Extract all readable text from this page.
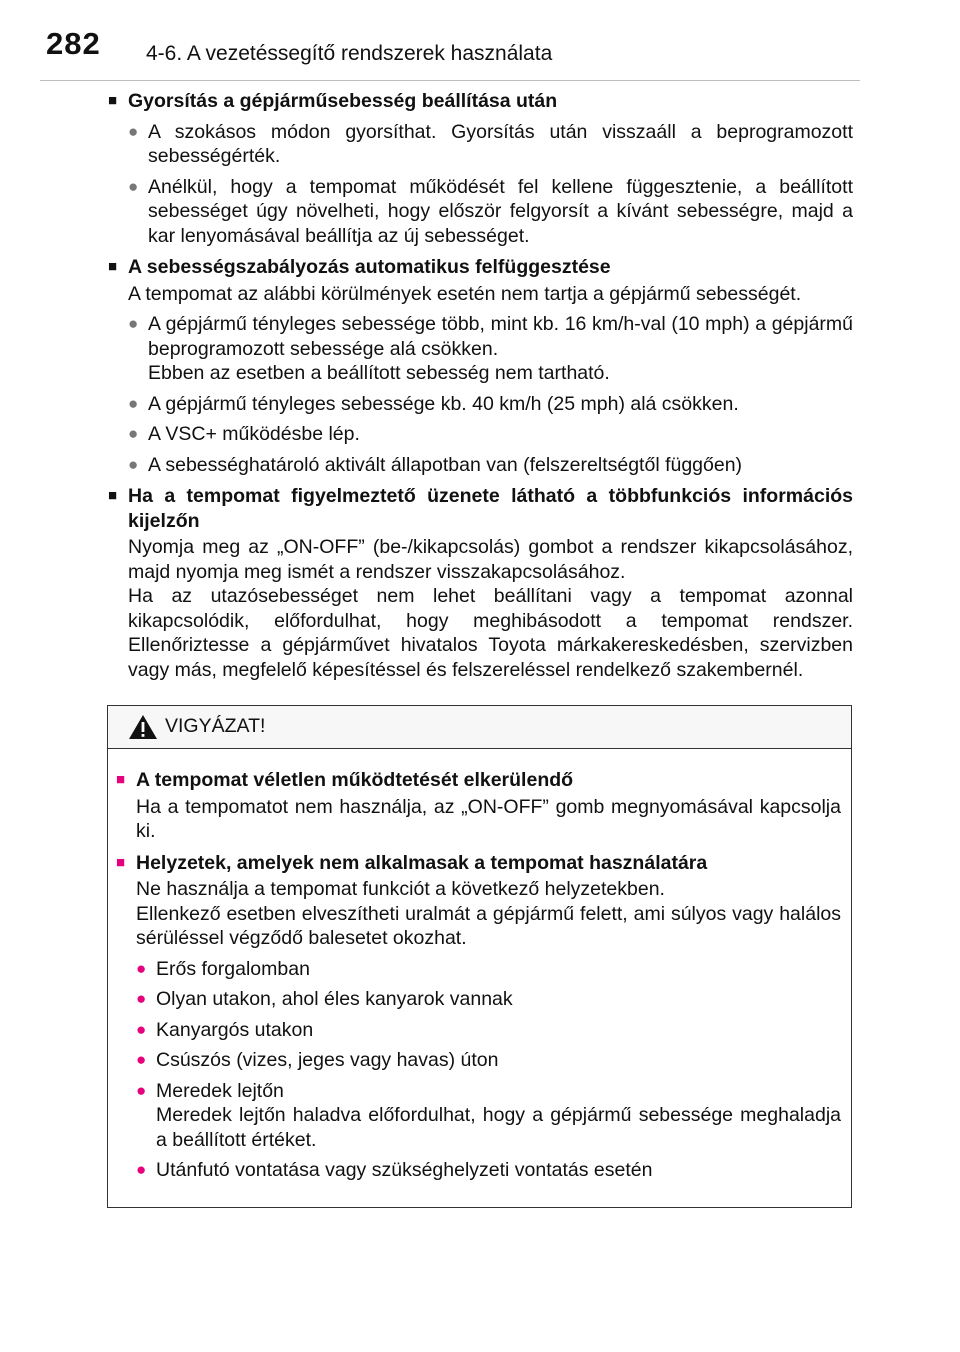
282 4-6. A vezetéssegítő rendszerek használata
■ Gyorsítás a gépjárműsebesség beállítása után
● A szokásos módon gyorsíthat. Gyorsítás után visszaáll a beprogramozott sebességérték.
● Anélkül, hogy a tempomat működését fel kellene függesztenie, a beállított sebességet úgy növelheti, hogy először felgyorsít a kívánt sebességre, majd a kar lenyomásával beállítja az új sebességet.
■ A sebességszabályozás automatikus felfüggesztése
A tempomat az alábbi körülmények esetén nem tartja a gépjármű sebességét.
● A gépjármű tényleges sebessége több, mint kb. 16 km/h-val (10 mph) a gépjármű beprogramozott sebessége alá csökken.
Ebben az esetben a beállított sebesség nem tartható.
● A gépjármű tényleges sebessége kb. 40 km/h (25 mph) alá csökken.
● A VSC+ működésbe lép.
● A sebességhatároló aktivált állapotban van (felszereltségtől függően)
■ Ha a tempomat figyelmeztető üzenete látható a többfunkciós információs kijelzőn
Nyomja meg az „ON-OFF” (be-/kikapcsolás) gombot a rendszer kikapcsolásához, majd nyomja meg ismét a rendszer visszakapcsolásához.
Ha az utazósebességet nem lehet beállítani vagy a tempomat azonnal kikapcsolódik, előfordulhat, hogy meghibásodott a tempomat rendszer. Ellenőriztesse a gépjárművet hivatalos Toyota márkakereskedésben, szervizben vagy más, megfelelő képesítéssel és felszereléssel rendelkező szakembernél.
VIGYÁZAT!
■ A tempomat véletlen működtetését elkerülendő
Ha a tempomatot nem használja, az „ON-OFF” gomb megnyomásával kapcsolja ki.
■ Helyzetek, amelyek nem alkalmasak a tempomat használatára
Ne használja a tempomat funkciót a következő helyzetekben.
Ellenkező esetben elveszítheti uralmát a gépjármű felett, ami súlyos vagy halálos sérüléssel végződő balesetet okozhat.
● Erős forgalomban
● Olyan utakon, ahol éles kanyarok vannak
● Kanyargós utakon
● Csúszós (vizes, jeges vagy havas) úton
● Meredek lejtőn
Meredek lejtőn haladva előfordulhat, hogy a gépjármű sebessége meghaladja a beállított értéket.
● Utánfutó vontatása vagy szükséghelyzeti vontatás esetén
